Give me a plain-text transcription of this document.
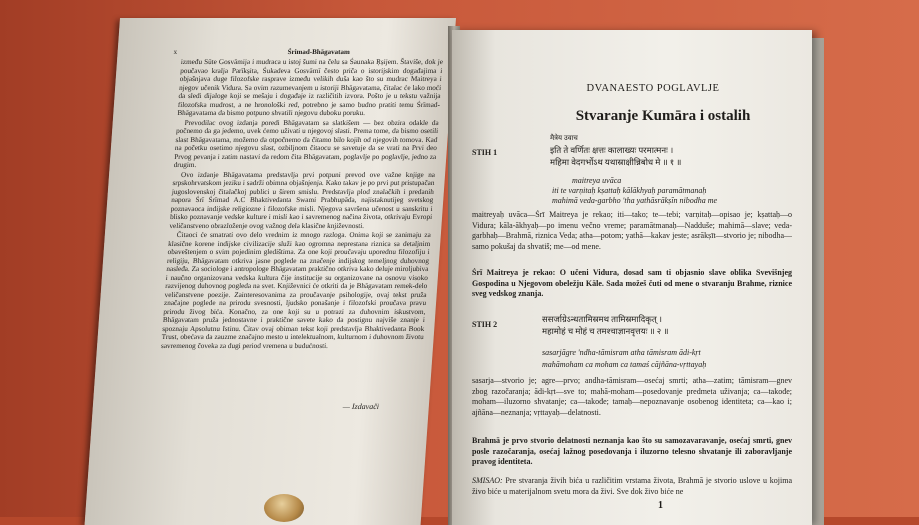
x	Śrimad-Bhāgavatam

između Sūte Gosvāmija i mudraca u istoj šumi na čelu sa Śaunaka Ṛṣijem. Štaviše, dok je poučavao kralja Parīkṣita, Śukadeva Gosvāmī često priča o istorijskim događajima i objašnjava duge filozofske rasprave između velikih duša kao što su mudrac Maitreya i njegov učenik Vidura. Sa ovim razumevanjem u istoriji Bhāgavatama, čitalac će lako moći da sledi dijaloge koji se mešaju i događaje iz različitih izvora. Pošto je u tekstu važnija filozofska mudrost, a ne hronološki red, potrebno je samo budno pratiti temu Śrīmad-Bhāgavatama da bismo potpuno shvatili njegovu duboku poruku.

Prevodilac ovog izdanja poredi Bhāgavatam sa slatkišem — bez obzira odakle da počnemo da ga jedemo, uvek ćemo uživati u njegovoj slasti. Prema tome, da bismo osetili slast Bhāgavatama, možemo da otpočnemo da čitamo bilo kojih od njegovih tomova. Kad na početku osetimo njegovu slast, ozbiljnom čitaocu se savetuje da se vrati na Prvi deo Prvog pevanja i zatim nastavi da redom čita Bhāgavatam, poglavlje po poglavlje, jedno za drugim.

Ovo izdanje Bhāgavatama predstavlja prvi potpuni prevod ove važne knjige na srpskohrvatskom jeziku i sadrži obimna objašnjenja. Kako takav je po prvi put pristupačan jugoslovenskoj čitalačkoj publici u širem smislu. Predstavlja plod znalačkih i predanih napora Śrī Śrīmad A.C Bhaktivedanta Swami Prabhupāda, najistaknutijeg svetskog poznavaoca indijske religiozne i filozofske misli. Njegova savršena učenost u sanskritu i blisko poznavanje vedske kulture i misli kao i savremenog načina života, otkrivaju Evropi veličanstveno obrazloženje ovog važnog dela klasične književnosti.

Čitaoci će smatrati ovo delo vrednim iz mnogo razloga. Onima koji se zanimaju za klasične korene indijske civilizacije služi kao ogromna neprestana riznica sa detaljnim obaveštenjem o svim pojedinim gledištima. Za one koji proučavaju uporednu filozofiju i religiju, Bhāgavatam otkriva jasne poglede na značenje indijskog temeljnog duhovnog nasleđa. Za sociologe i antropologe Bhāgavatam praktično otkriva kako deluje miroljubiva i naučno organizovana vedska kultura čije institucije su organizovane na osnovu visoko razvijenog duhovnog pogleda na svet. Književnici će otkriti da je Bhāgavatam remek-delo veličanstvene poezije. Zainteresovanima za proučavanje psihologije, ovaj tekst pruža značajne poglede na prirodu svesnosti, ljudsko ponašanje i filozofski proučava pravu prirodu živog bića. Konačno, za one koji su u potrazi za duhovnim iskustvom, Bhāgavatam pruža jednostavne i praktične savete kako da postignu najviše znanje i spoznaju Apsolutnu Istinu. Čitav ovaj obiman tekst koji predstavlja Bhaktivedanta Book Trust, obećava da zauzme značajno mesto u intelektualnom, kulturnom i duhovnom životu savremenog čoveka za dugi period vremena u budućnosti.

— Izdavači
DVANAESTO POGLAVLJE
Stvaranje Kumāra i ostalih
STIH 1
मैत्रेय उवाच
इति ते वर्णितः क्षत्तः कालाख्यः परमात्मनः ।
महिमा वेदगर्भोऽथ यथास्राक्षीन्निबोध मे ॥ १ ॥
maitreya uvāca
iti te varṇitaḥ kṣattaḥ kālākhyaḥ paramātmanaḥ
mahimā veda-garbho 'tha yathāsrākṣīn nibodha me
maitreyaḥ uvāca—Śrī Maitreya je rekao; iti—tako; te—tebi; varṇitaḥ—opisao je; kṣattaḥ—o Vidura; kāla-ākhyaḥ—po imenu večno vreme; paramātmanaḥ—Nadduše; mahimā—slave; veda-garbhaḥ—Brahmā, riznica Veda; atha—potom; yathā—kakav jeste; asrākṣīt—stvorio je; nibodha—samo pokušaj da shvatiš; me—od mene.
Śrī Maitreya je rekao: O učeni Vidura, dosad sam ti objasnio slave oblika Svevišnjeg Gospodina u Njegovom obeležju Kāle. Sada možeš čuti od mene o stvaranju Brahme, riznice sveg vedskog znanja.
STIH 2
ससर्जाग्रेऽन्धतामिस्रमथ तामिस्रमादिकृत् ।
महामोहं च मोहं च तमश्चाज्ञानवृत्तयः ॥ २ ॥
sasarjāgre 'ndha-tāmisram atha tāmisram ādi-kṛt
mahāmoham ca moham ca tamaś cājñāna-vṛttayaḥ
sasarja—stvorio je; agre—prvo; andha-tāmisram—osećaj smrti; atha—zatim; tāmisram—gnev zbog razočaranja; ādi-kṛt—sve to; mahā-moham—posedovanje predmeta uživanja; ca—takođe; moham—iluzorno shvatanje; ca—takođe; tamaḥ—nepoznavanje osobenog identiteta; ca—kao i; ajñāna—neznanja; vṛttayaḥ—delatnosti.
Brahmā je prvo stvorio delatnosti neznanja kao što su samozavaravanje, osećaj smrti, gnev posle razočaranja, osećaj lažnog posedovanja i iluzorno telesno shvatanje ili zaboravljanje pravog identiteta.
SMISAO: Pre stvaranja živih bića u različitim vrstama života, Brahmā je stvorio uslove u kojima živo biće u materijalnom svetu mora da živi. Sve dok živo biće ne
1
